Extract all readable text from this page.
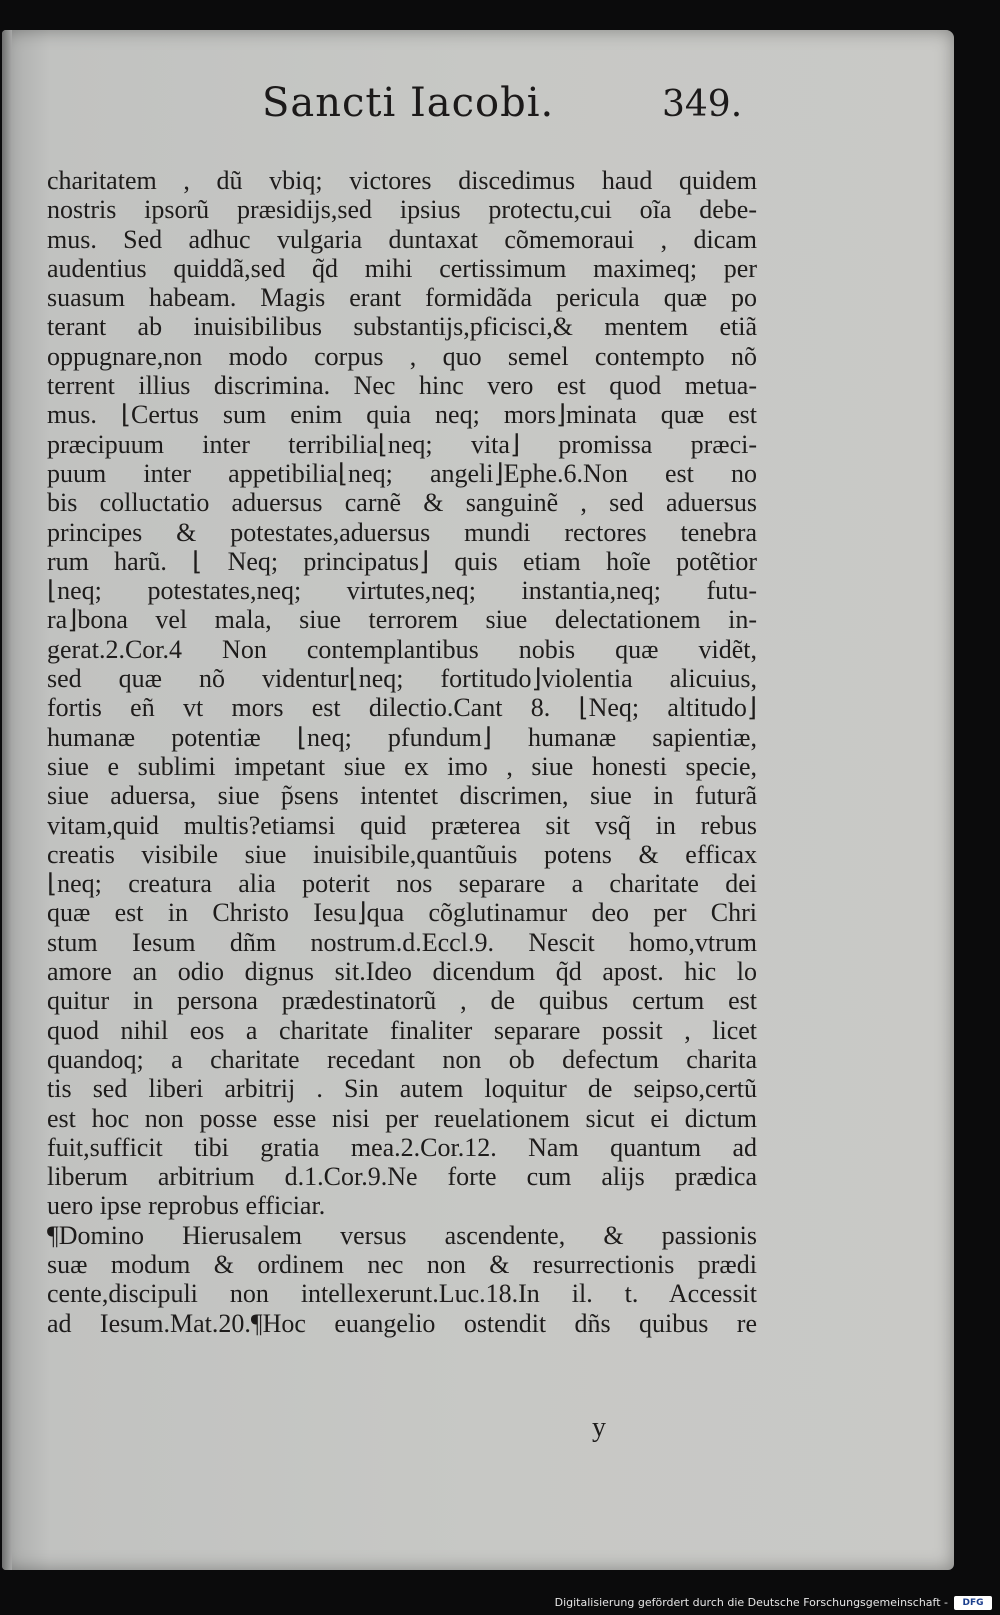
Sancti Iacobi.	349.
charitatem , dũ vbiq; victores discedimus haud quidem
nostris ipsorũ præsidijs,sed ipsius protectu,cui oĩa debe-
mus. Sed adhuc vulgaria duntaxat cõmemoraui , dicam
audentius quiddã,sed q̃d mihi certissimum maximeq; per
suasum habeam. Magis erant formidãda pericula quæ po
terant ab inuisibilibus substantijs,pficisci,& mentem etiã
oppugnare,non modo corpus , quo semel contempto nõ
terrent illius discrimina. Nec hinc vero est quod metua-
mus. ⌊Certus sum enim quia neq; mors⌋minata quæ est
præcipuum inter terribilia⌊neq; vita⌋ promissa præci-
puum inter appetibilia⌊neq; angeli⌋Ephe.6.Non est no
bis colluctatio aduersus carnẽ & sanguinẽ , sed aduersus
principes & potestates,aduersus mundi rectores tenebra
rum harũ. ⌊ Neq; principatus⌋ quis etiam hoĩe potẽtior
⌊neq; potestates,neq; virtutes,neq; instantia,neq; futu-
ra⌋bona vel mala, siue terrorem siue delectationem in-
gerat.2.Cor.4 Non contemplantibus nobis quæ vidẽt,
sed quæ nõ videntur⌊neq; fortitudo⌋violentia alicuius,
fortis eñ vt mors est dilectio.Cant 8. ⌊Neq; altitudo⌋
humanæ potentiæ ⌊neq; pfundum⌋ humanæ sapientiæ,
siue e sublimi impetant siue ex imo , siue honesti specie,
siue aduersa, siue p̃sens intentet discrimen, siue in futurã
vitam,quid multis?etiamsi quid præterea sit vsq̃ in rebus
creatis visibile siue inuisibile,quantũuis potens & efficax
⌊neq; creatura alia poterit nos separare a charitate dei
quæ est in Christo Iesu⌋qua cõglutinamur deo per Chri
stum Iesum dñm nostrum.d.Eccl.9. Nescit homo,vtrum
amore an odio dignus sit.Ideo dicendum q̃d apost. hic lo
quitur in persona prædestinatorũ , de quibus certum est
quod nihil eos a charitate finaliter separare possit , licet
quandoq; a charitate recedant non ob defectum charita
tis sed liberi arbitrij . Sin autem loquitur de seipso,certũ
est hoc non posse esse nisi per reuelationem sicut ei dictum
fuit,sufficit tibi gratia mea.2.Cor.12. Nam quantum ad
liberum arbitrium d.1.Cor.9.Ne forte cum alijs prædica
uero ipse reprobus efficiar.
¶Domino Hierusalem versus ascendente, & passionis
suæ modum & ordinem nec non & resurrectionis prædi
cente,discipuli non intellexerunt.Luc.18.In il. t. Accessit
ad Iesum.Mat.20.¶Hoc euangelio ostendit dñs quibus re
y
Digitalisierung gefördert durch die Deutsche Forschungsgemeinschaft -	DFG
